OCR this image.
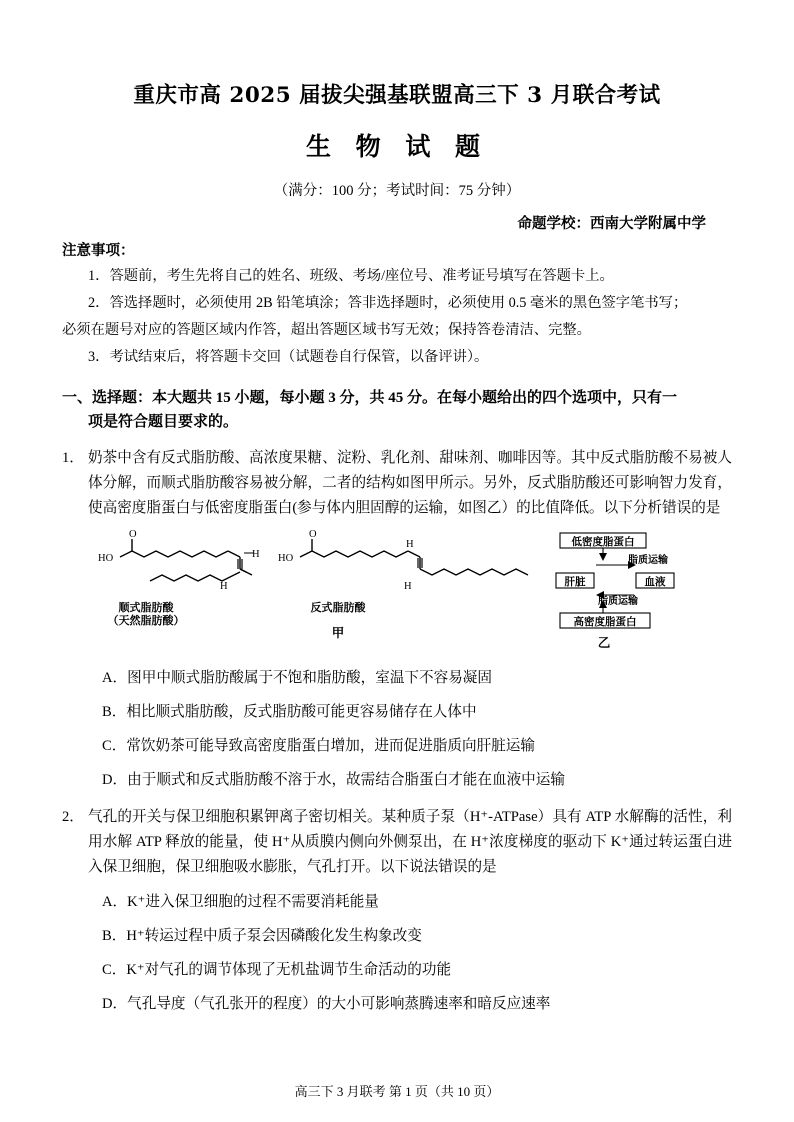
重庆市高 2025 届拔尖强基联盟高三下 3 月联合考试
生 物 试 题
（满分：100 分；考试时间：75 分钟）
命题学校：西南大学附属中学
注意事项：
1．答题前，考生先将自己的姓名、班级、考场/座位号、准考证号填写在答题卡上。
2．答选择题时，必须使用 2B 铅笔填涂；答非选择题时，必须使用 0.5 毫米的黑色签字笔书写；
必须在题号对应的答题区域内作答，超出答题区域书写无效；保持答卷清洁、完整。
3．考试结束后，将答题卡交回（试题卷自行保管，以备评讲）。
一、选择题：本大题共 15 小题，每小题 3 分，共 45 分。在每小题给出的四个选项中，只有一
项是符合题目要求的。
1． 奶茶中含有反式脂肪酸、高浓度果糖、淀粉、乳化剂、甜味剂、咖啡因等。其中反式脂肪酸不易被人体分解，而顺式脂肪酸容易被分解，二者的结构如图甲所示。另外，反式脂肪酸还可影响智力发育，使高密度脂蛋白与低密度脂蛋白(参与体内胆固醇的运输，如图乙）的比值降低。以下分析错误的是
HO
O
H
H
顺式脂肪酸
（天然脂肪酸）
HO
O
H
H
反式脂肪酸
甲
低密度脂蛋白
肝脏	血液
高密度脂蛋白
脂质运输
脂质运输
乙
A．图甲中顺式脂肪酸属于不饱和脂肪酸，室温下不容易凝固
B．相比顺式脂肪酸，反式脂肪酸可能更容易储存在人体中
C．常饮奶茶可能导致高密度脂蛋白增加，进而促进脂质向肝脏运输
D．由于顺式和反式脂肪酸不溶于水，故需结合脂蛋白才能在血液中运输
2． 气孔的开关与保卫细胞积累钾离子密切相关。某种质子泵（H⁺-ATPase）具有 ATP 水解酶的活性，利用水解 ATP 释放的能量，使 H⁺从质膜内侧向外侧泵出，在 H⁺浓度梯度的驱动下 K⁺通过转运蛋白进入保卫细胞，保卫细胞吸水膨胀，气孔打开。以下说法错误的是
A．K⁺进入保卫细胞的过程不需要消耗能量
B．H⁺转运过程中质子泵会因磷酸化发生构象改变
C．K⁺对气孔的调节体现了无机盐调节生命活动的功能
D．气孔导度（气孔张开的程度）的大小可影响蒸腾速率和暗反应速率
高三下 3 月联考 第 1 页（共 10 页）
